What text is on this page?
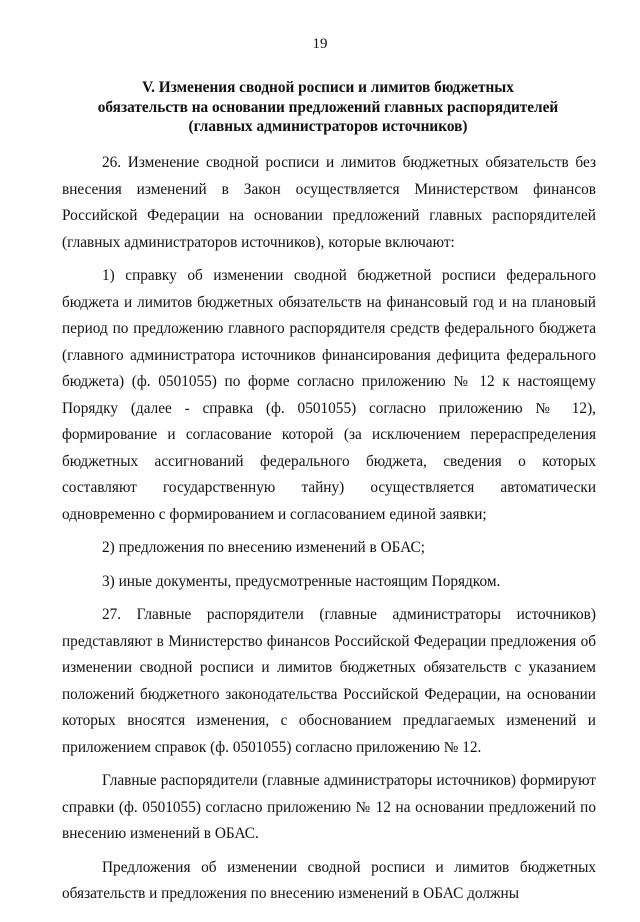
19
V. Изменения сводной росписи и лимитов бюджетных
обязательств на основании предложений главных распорядителей
(главных администраторов источников)

26. Изменение сводной росписи и лимитов бюджетных обязательств без внесения изменений в Закон осуществляется Министерством финансов Российской Федерации на основании предложений главных распорядителей (главных администраторов источников), которые включают:

1) справку об изменении сводной бюджетной росписи федерального бюджета и лимитов бюджетных обязательств на финансовый год и на плановый период по предложению главного распорядителя средств федерального бюджета (главного администратора источников финансирования дефицита федерального бюджета) (ф. 0501055) по форме согласно приложению № 12 к настоящему Порядку (далее - справка (ф. 0501055) согласно приложению № 12), формирование и согласование которой (за исключением перераспределения бюджетных ассигнований федерального бюджета, сведения о которых составляют государственную тайну) осуществляется автоматически одновременно с формированием и согласованием единой заявки;

2) предложения по внесению изменений в ОБАС;

3) иные документы, предусмотренные настоящим Порядком.

27. Главные распорядители (главные администраторы источников) представляют в Министерство финансов Российской Федерации предложения об изменении сводной росписи и лимитов бюджетных обязательств с указанием положений бюджетного законодательства Российской Федерации, на основании которых вносятся изменения, с обоснованием предлагаемых изменений и приложением справок (ф. 0501055) согласно приложению № 12.

Главные распорядители (главные администраторы источников) формируют справки (ф. 0501055) согласно приложению № 12 на основании предложений по внесению изменений в ОБАС.

Предложения об изменении сводной росписи и лимитов бюджетных обязательств и предложения по внесению изменений в ОБАС должны
